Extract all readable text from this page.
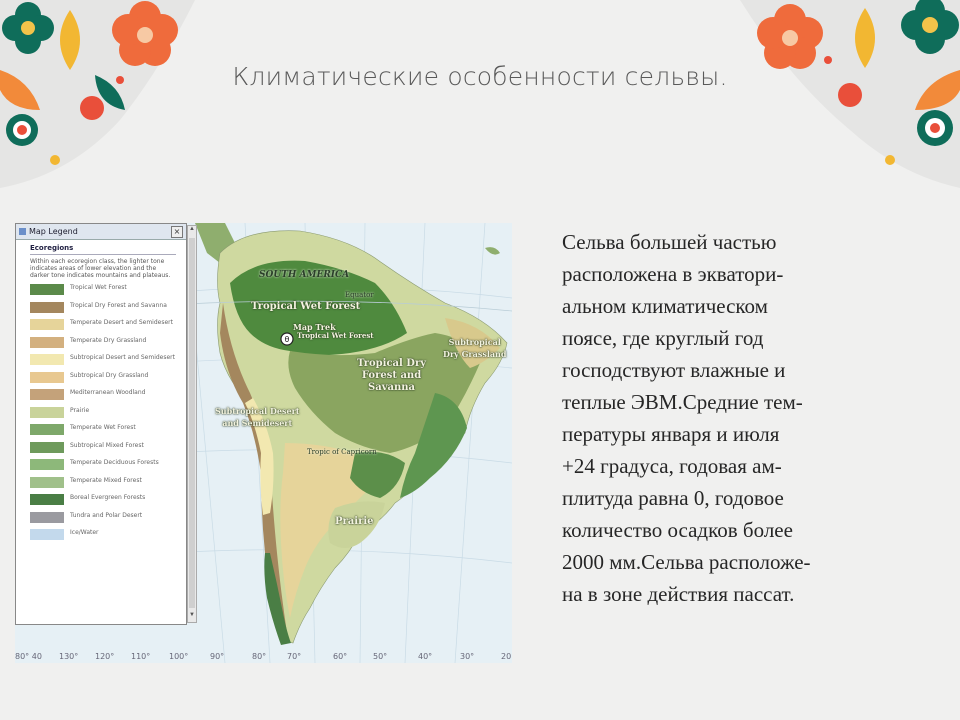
Климатические особенности сельвы.
θ
SOUTH AMERICA
Equator
Tropical Wet Forest
Map Trek
Tropical Wet Forest
Tropical Dry
Forest and
Savanna
Subtropical
Dry Grassland
Subtropical Desert
and Semidesert
Tropic of Capricorn
Prairie
80° 40 130° 120° 110° 100°	90°	80°	70°	60°	50°	40°	30°	20
Map Legend	×
Ecoregions
Within each ecoregion class, the lighter tone indicates areas of lower elevation and the darker tone indicates mountains and plateaus.
Tropical Wet Forest
Tropical Dry Forest and Savanna
Temperate Desert and Semidesert
Temperate Dry Grassland
Subtropical Desert and Semidesert
Subtropical Dry Grassland
Mediterranean Woodland
Prairie
Temperate Wet Forest
Subtropical Mixed Forest
Temperate Deciduous Forests
Temperate Mixed Forest
Boreal Evergreen Forests
Tundra and Polar Desert
Ice/Water
▲
▼
Сельва большей частью
расположена в экватори-
альном климатическом
поясе, где круглый год
господствуют влажные и
теплые ЭВМ.Средние тем-
пературы января и июля
+24 градуса, годовая ам-
плитуда равна 0, годовое
количество осадков более
2000 мм.Сельва расположе-
на в зоне действия пассат.
